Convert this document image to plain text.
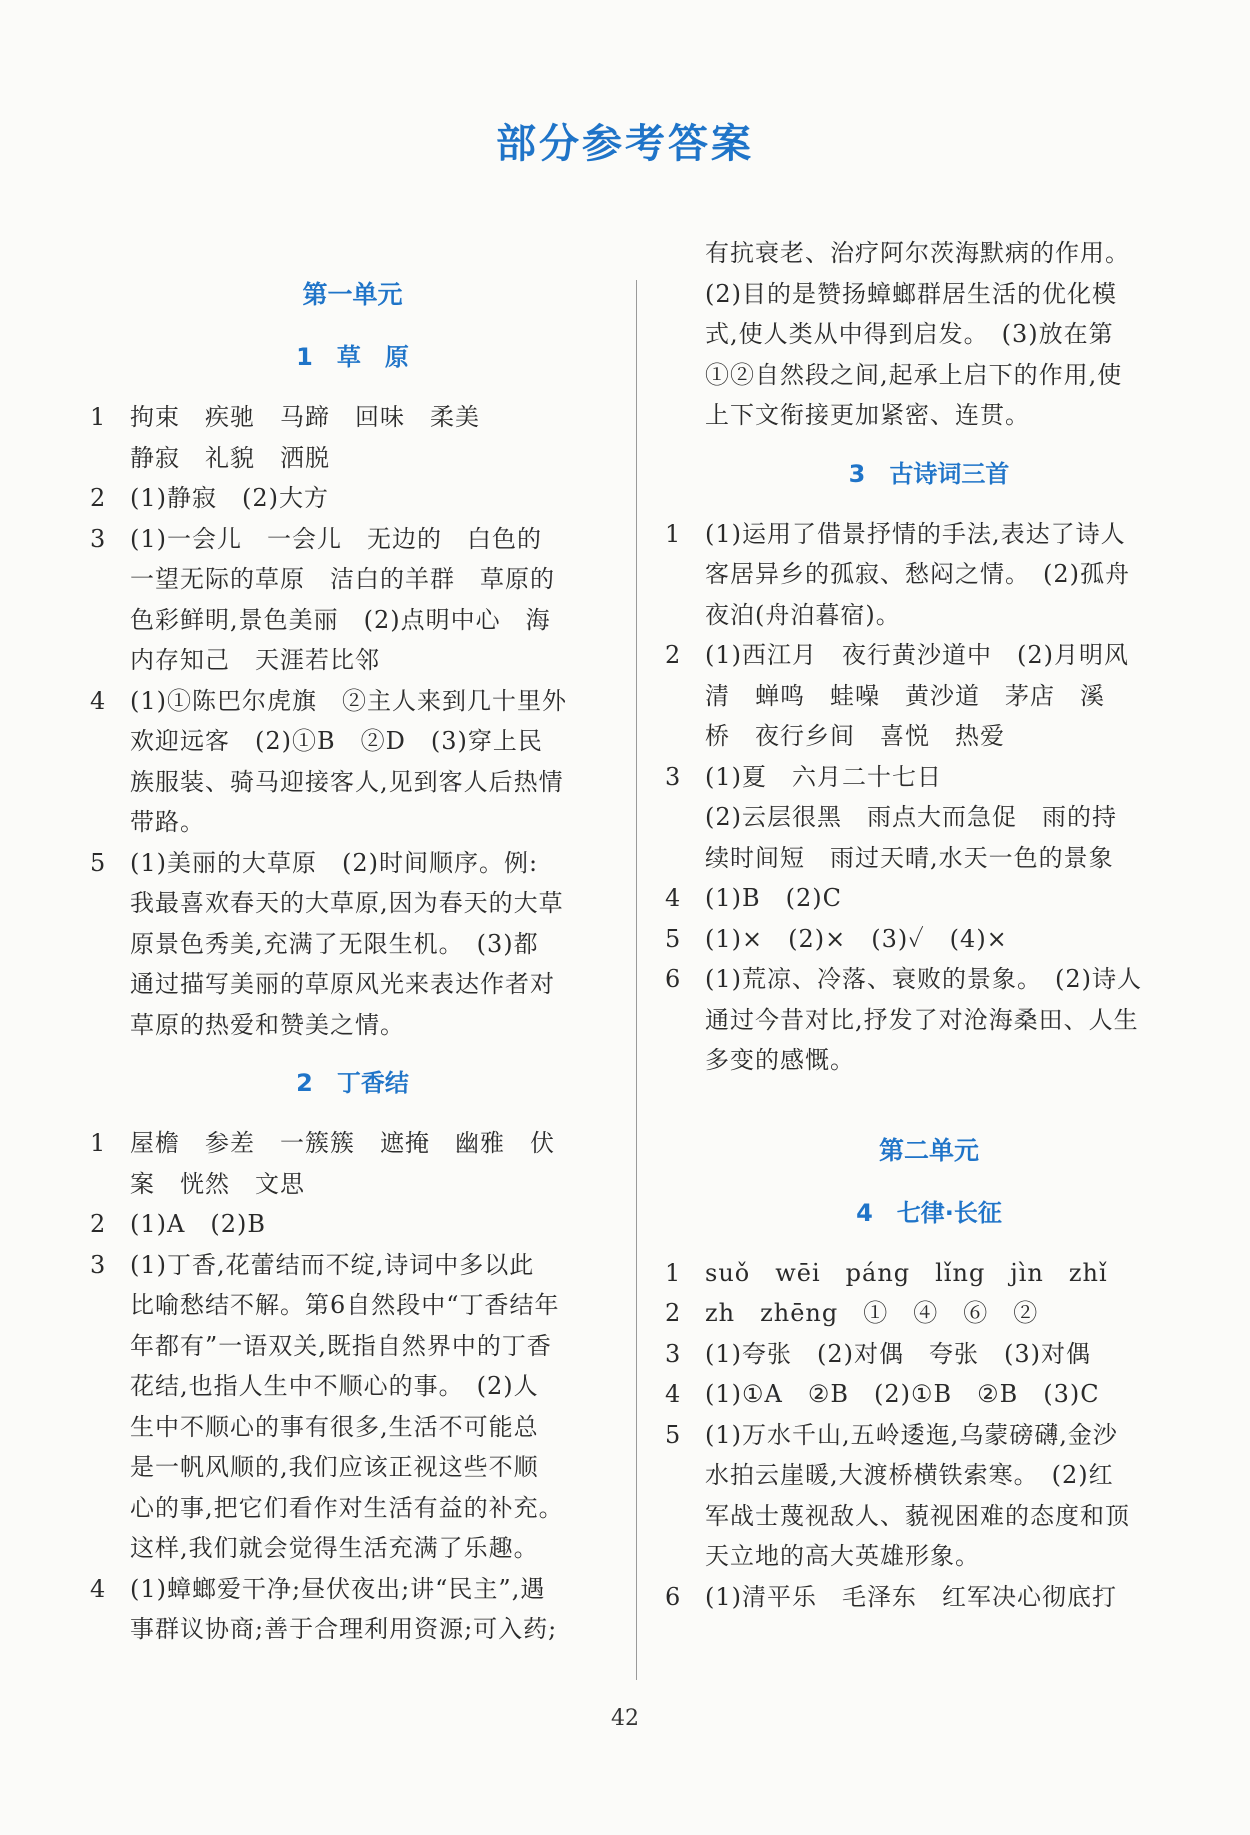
部分参考答案
第一单元
1　草　原
1	拘束　疾驰　马蹄　回味　柔美
静寂　礼貌　洒脱
2	(1)静寂　(2)大方
3	(1)一会儿　一会儿　无边的　白色的
一望无际的草原　洁白的羊群　草原的
色彩鲜明,景色美丽　(2)点明中心　海
内存知己　天涯若比邻
4	(1)①陈巴尔虎旗　②主人来到几十里外
欢迎远客　(2)①B　②D　(3)穿上民
族服装、骑马迎接客人,见到客人后热情
带路。
5	(1)美丽的大草原　(2)时间顺序。例:
我最喜欢春天的大草原,因为春天的大草
原景色秀美,充满了无限生机。　(3)都
通过描写美丽的草原风光来表达作者对
草原的热爱和赞美之情。
2　丁香结
1	屋檐　参差　一簇簇　遮掩　幽雅　伏
案　恍然　文思
2	(1)A　(2)B
3	(1)丁香,花蕾结而不绽,诗词中多以此
比喻愁结不解。第6自然段中“丁香结年
年都有”一语双关,既指自然界中的丁香
花结,也指人生中不顺心的事。　(2)人
生中不顺心的事有很多,生活不可能总
是一帆风顺的,我们应该正视这些不顺
心的事,把它们看作对生活有益的补充。
这样,我们就会觉得生活充满了乐趣。
4	(1)蟑螂爱干净;昼伏夜出;讲“民主”,遇
事群议协商;善于合理利用资源;可入药;
有抗衰老、治疗阿尔茨海默病的作用。
(2)目的是赞扬蟑螂群居生活的优化模
式,使人类从中得到启发。　(3)放在第
①②自然段之间,起承上启下的作用,使
上下文衔接更加紧密、连贯。
3　古诗词三首
1	(1)运用了借景抒情的手法,表达了诗人
客居异乡的孤寂、愁闷之情。　(2)孤舟
夜泊(舟泊暮宿)。
2	(1)西江月　夜行黄沙道中　(2)月明风
清　蝉鸣　蛙噪　黄沙道　茅店　溪
桥　夜行乡间　喜悦　热爱
3	(1)夏　六月二十七日
(2)云层很黑　雨点大而急促　雨的持
续时间短　雨过天晴,水天一色的景象
4	(1)B　(2)C
5	(1)×　(2)×　(3)✓　(4)×
6	(1)荒凉、冷落、衰败的景象。　(2)诗人
通过今昔对比,抒发了对沧海桑田、人生
多变的感慨。
第二单元
4　七律·长征
1	suǒ　wēi　páng　lǐng　jìn　zhǐ
2	zh　zhēng　①　④　⑥　②
3	(1)夸张　(2)对偶　夸张　(3)对偶
4	(1)①A　②B　(2)①B　②B　(3)C
5	(1)万水千山,五岭逶迤,乌蒙磅礴,金沙
水拍云崖暖,大渡桥横铁索寒。　(2)红
军战士蔑视敌人、藐视困难的态度和顶
天立地的高大英雄形象。
6	(1)清平乐　毛泽东　红军决心彻底打
42
